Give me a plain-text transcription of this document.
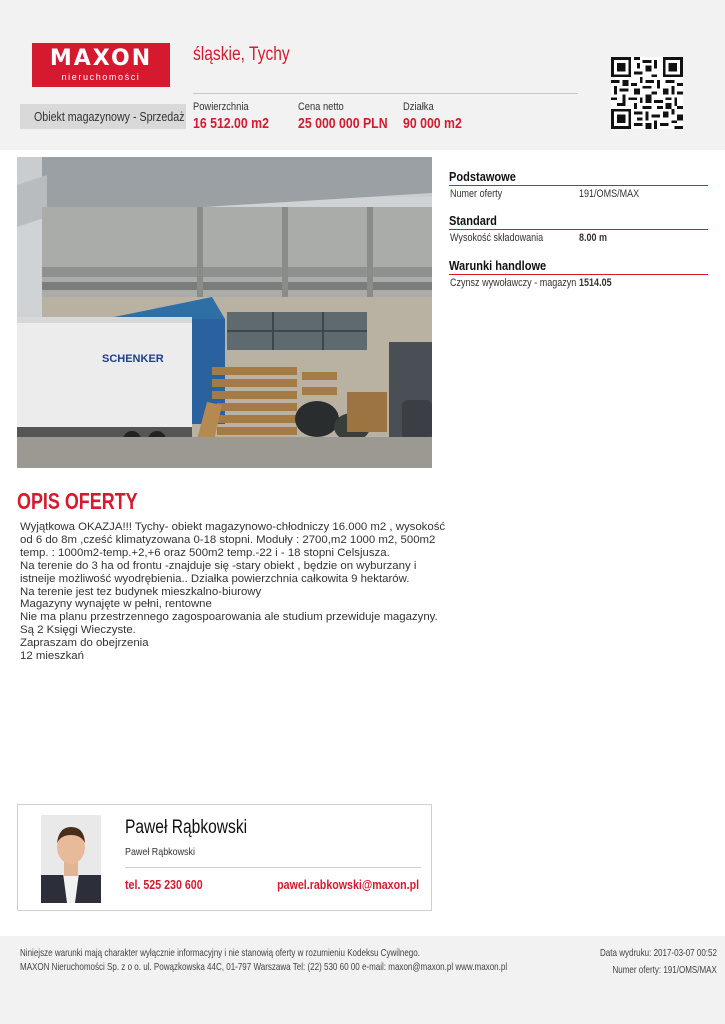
MAXON
nieruchomości
śląskie, Tychy
Obiekt magazynowy - Sprzedaż
Powierzchnia
16 512.00 m2
Cena netto
25 000 000 PLN
Działka
90 000 m2
SCHENKER
Podstawowe
Numer oferty	191/OMS/MAX
Standard
Wysokość składowania	8.00 m
Warunki handlowe
Czynsz wywoławczy - magazyn 1514.05
OPIS OFERTY
Wyjątkowa OKAZJA!!! Tychy- obiekt magazynowo-chłodniczy 16.000 m2 , wysokość
od 6 do 8m ,cześć klimatyzowana 0-18 stopni. Moduły : 2700,m2 1000 m2, 500m2
temp. : 1000m2-temp.+2,+6 oraz 500m2 temp.-22 i - 18 stopni Celsjusza.
Na terenie do 3 ha od frontu -znajduje się -stary obiekt , będzie on wyburzany i
istneije możliwość wyodrębienia.. Działka powierzchnia całkowita 9 hektarów.
Na terenie jest tez budynek mieszkalno-biurowy
Magazyny wynajęte w pełni, rentowne
Nie ma planu przestrzennego zagospoarowania ale studium przewiduje magazyny.
Są 2 Księgi Wieczyste.
Zapraszam do obejrzenia
12 mieszkań
Paweł Rąbkowski
Paweł Rąbkowski
tel. 525 230 600	pawel.rabkowski@maxon.pl
Niniejsze warunki mają charakter wyłącznie informacyjny i nie stanowią oferty w rozumieniu Kodeksu Cywilnego.
MAXON Nieruchomości Sp. z o o. ul. Powązkowska 44C, 01-797 Warszawa Tel: (22) 530 60 00 e-mail: maxon@maxon.pl www.maxon.pl
Data wydruku: 2017-03-07 00:52
Numer oferty: 191/OMS/MAX
